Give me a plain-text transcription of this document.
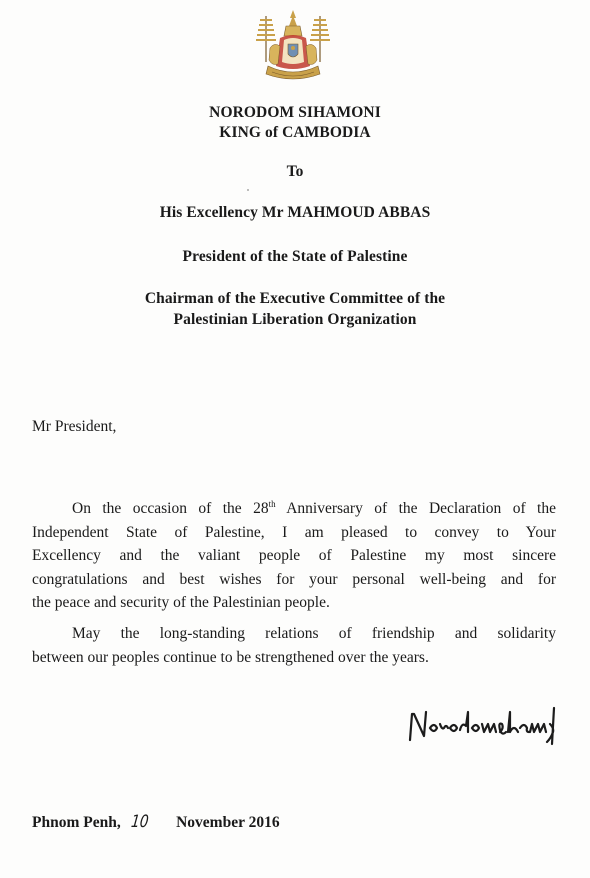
NORODOM SIHAMONI
KING of CAMBODIA
To
His Excellency Mr MAHMOUD ABBAS
President of the State of Palestine
Chairman of the Executive Committee of the
Palestinian Liberation Organization
Mr President,
On the occasion of the 28th Anniversary of the Declaration of the
Independent State of Palestine, I am pleased to convey to Your
Excellency and the valiant people of Palestine my most sincere
congratulations and best wishes for your personal well-being and for
the peace and security of the Palestinian people.
May the long-standing relations of friendship and solidarity
between our peoples continue to be strengthened over the years.
Phnom Penh, 10 November 2016
